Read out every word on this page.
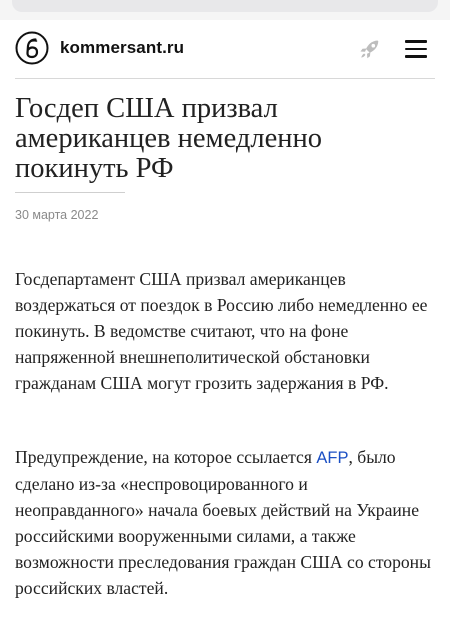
kommersant.ru
Госдеп США призвал американцев немедленно покинуть РФ
30 марта 2022

Госдепартамент США призвал американцев воздержаться от поездок в Россию либо немедленно ее покинуть. В ведомстве считают, что на фоне напряженной внешнеполитической обстановки гражданам США могут грозить задержания в РФ.

Предупреждение, на которое ссылается AFP, было сделано из-за «неспровоцированного и неоправданного» начала боевых действий на Украине российскими вооруженными силами, а также возможности преследования граждан США со стороны российских властей.
